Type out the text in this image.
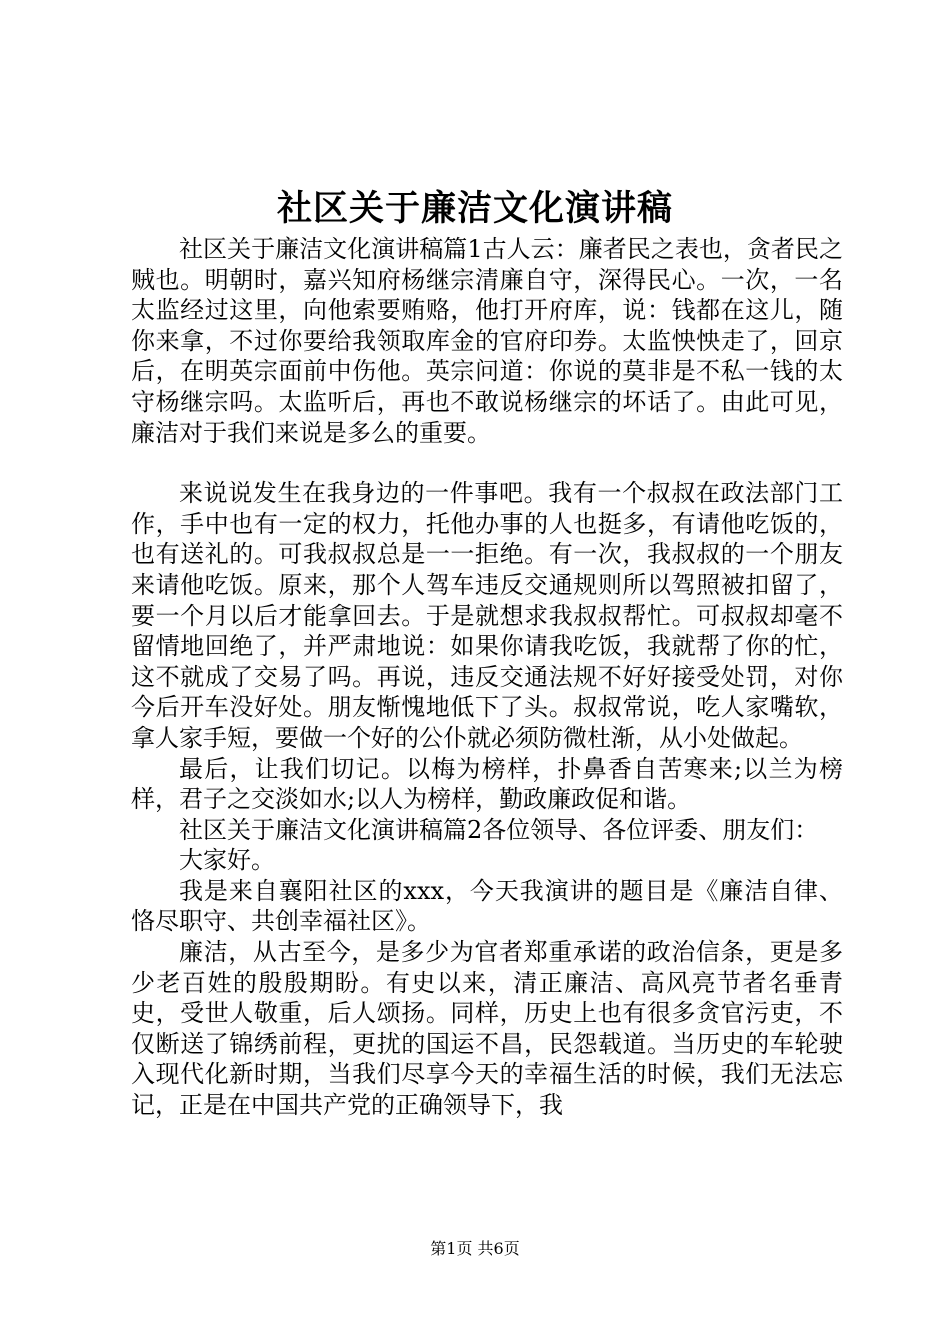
社区关于廉洁文化演讲稿

社区关于廉洁文化演讲稿篇1古人云：廉者民之表也，贪者民之贼也。明朝时，嘉兴知府杨继宗清廉自守，深得民心。一次，一名太监经过这里，向他索要贿赂，他打开府库，说：钱都在这儿，随你来拿，不过你要给我领取库金的官府印券。太监怏怏走了，回京后，在明英宗面前中伤他。英宗问道：你说的莫非是不私一钱的太守杨继宗吗。太监听后，再也不敢说杨继宗的坏话了。由此可见，廉洁对于我们来说是多么的重要。

来说说发生在我身边的一件事吧。我有一个叔叔在政法部门工作，手中也有一定的权力，托他办事的人也挺多，有请他吃饭的，也有送礼的。可我叔叔总是一一拒绝。有一次，我叔叔的一个朋友来请他吃饭。原来，那个人驾车违反交通规则所以驾照被扣留了，要一个月以后才能拿回去。于是就想求我叔叔帮忙。可叔叔却毫不留情地回绝了，并严肃地说：如果你请我吃饭，我就帮了你的忙，这不就成了交易了吗。再说，违反交通法规不好好接受处罚，对你今后开车没好处。朋友惭愧地低下了头。叔叔常说，吃人家嘴软，拿人家手短，要做一个好的公仆就必须防微杜渐，从小处做起。

最后，让我们切记。以梅为榜样，扑鼻香自苦寒来;以兰为榜样，君子之交淡如水;以人为榜样，勤政廉政促和谐。

社区关于廉洁文化演讲稿篇2各位领导、各位评委、朋友们：

大家好。

我是来自襄阳社区的xxx，今天我演讲的题目是《廉洁自律、恪尽职守、共创幸福社区》。

廉洁，从古至今，是多少为官者郑重承诺的政治信条，更是多少老百姓的殷殷期盼。有史以来，清正廉洁、高风亮节者名垂青史，受世人敬重，后人颂扬。同样，历史上也有很多贪官污吏，不仅断送了锦绣前程，更扰的国运不昌，民怨载道。当历史的车轮驶入现代化新时期，当我们尽享今天的幸福生活的时候，我们无法忘记，正是在中国共产党的正确领导下，我

第1页 共6页
